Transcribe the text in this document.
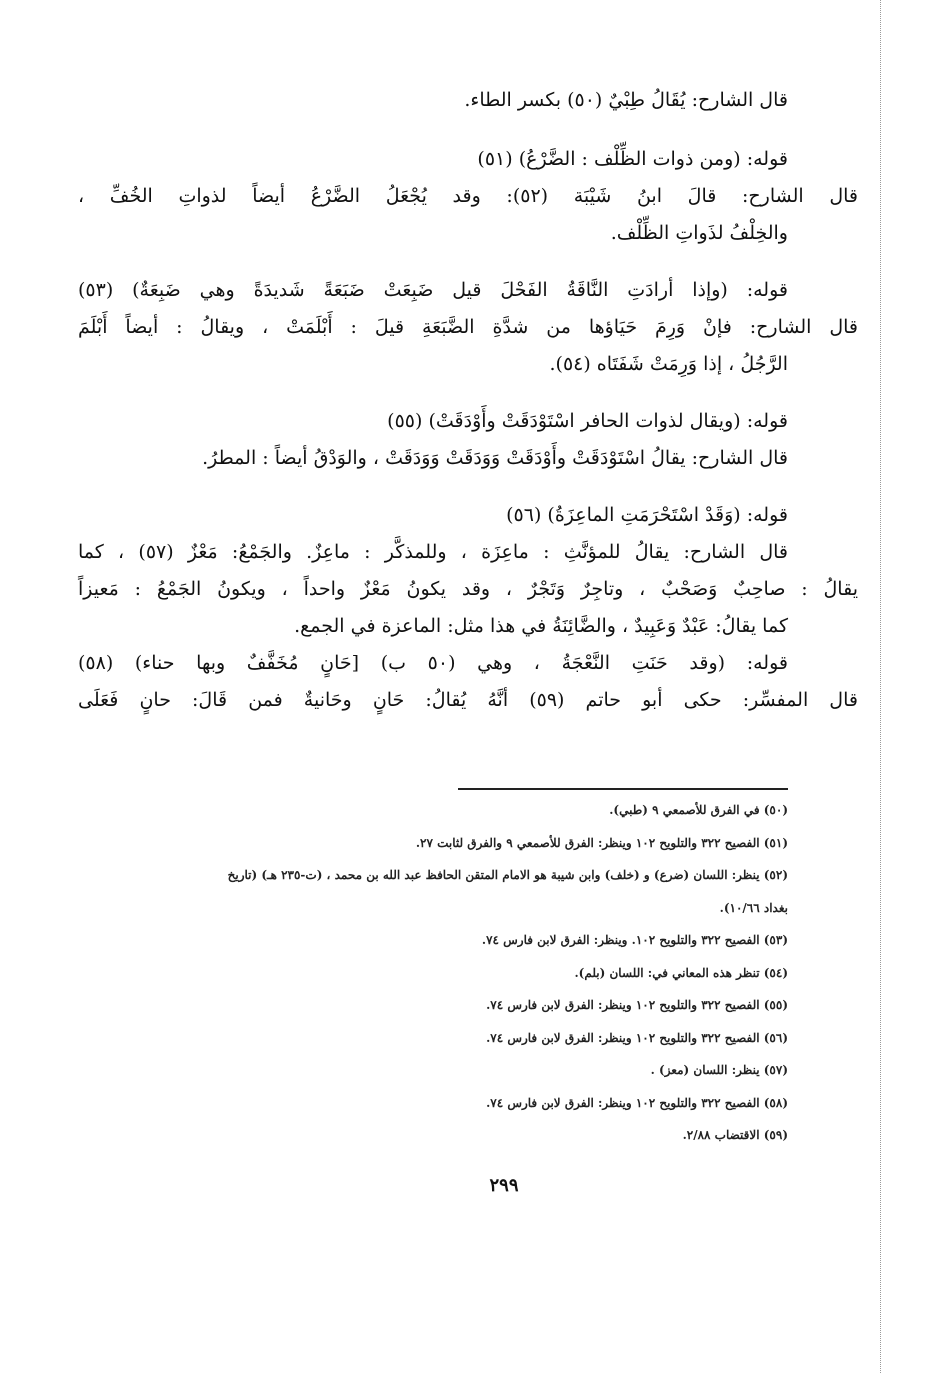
قال الشارح: يُقَالُ طِبْيٌ (٥٠) بكسر الطاء.
قوله: (ومن ذوات الظِّلْف : الضَّرْعُ) (٥١)
قال الشارح: قالَ ابنُ شَيْبَة (٥٢): وقد يُجْعَلُ الضَّرْعُ أيضاً لذواتِ الخُفِّ ،
والخِلْفُ لذَواتِ الظِّلْف.
قوله: (وإذا أرادَتِ النَّاقَةُ الفَحْلَ قيل ضَبِعَتْ ضَبَعَةً شَديدَةً وهي ضَبِعَةٌ) (٥٣)
قال الشارح: فإنْ وَرِمَ حَيَاؤها من شدَّةِ الضَّبَعَةِ قيلَ : أَبْلَمَتْ ، ويقالُ : أيضاً أَبْلَمَ
الرَّجُلُ ، إذا وَرِمَتْ شَفَتَاه (٥٤).
قوله: (ويقال لذوات الحافر اسْتَوْدَقَتْ وأَوْدَقَتْ) (٥٥)
قال الشارح: يقالُ اسْتَوْدَقَتْ وأَوْدَقَتْ وَوَدَقَتْ وَوَدَقَتْ ، والوَدْقُ أيضاً : المطرُ.
قوله: (وَقَدْ اسْتَحْرَمَتِ الماعِزَةُ) (٥٦)
قال الشارح: يقالُ للمؤنَّثِ : ماعِزَة ، وللمذكَّر : ماعِزٌ. والجَمْعُ: مَعْزٌ (٥٧) ، كما
يقالُ : صاحِبٌ وَصَحْبٌ ، وتاجِرٌ وَتَجْرٌ ، وقد يكونُ مَعْزٌ واحداً ، ويكونُ الجَمْعُ : مَعيزاً
كما يقالُ: عَبْدٌ وَعَبِيدٌ ، والضَّائِنَةُ في هذا مثل: الماعزة في الجمع.
قوله: (وقد حَنَتِ النَّعْجَةُ ، وهي (٥٠ ب) [حَانٍ مُخَفَّفٌ وبها حناء) (٥٨)
قال المفسِّر: حكى أبو حاتم (٥٩) أنَّهُ يُقالُ: حَانٍ وحَانيةٌ فمن قَالَ: حانٍ فَعَلَى
(٥٠) في الفرق للأصمعي ٩ (طبي).
(٥١) الفصيح ٣٢٢ والتلويح ١٠٢ وينظر: الفرق للأصمعي ٩ والفرق لثابت ٢٧.
(٥٢) ينظر: اللسان (ضرع) و (خلف) وابن شيبة هو الامام المتقن الحافظ عبد الله بن محمد ، (ت-٢٣٥ هـ) (تاريخ
بغداد ١٠/٦٦).
(٥٣) الفصيح ٣٢٢ والتلويح ١٠٢. وينظر: الفرق لابن فارس ٧٤.
(٥٤) تنظر هذه المعاني في: اللسان (بلم).
(٥٥) الفصيح ٣٢٢ والتلويح ١٠٢ وينظر: الفرق لابن فارس ٧٤.
(٥٦) الفصيح ٣٢٢ والتلويح ١٠٢ وينظر: الفرق لابن فارس ٧٤.
(٥٧) ينظر: اللسان (معز) .
(٥٨) الفصيح ٣٢٢ والتلويح ١٠٢ وينظر: الفرق لابن فارس ٧٤.
(٥٩) الاقتضاب ٢/٨٨.
٢٩٩
